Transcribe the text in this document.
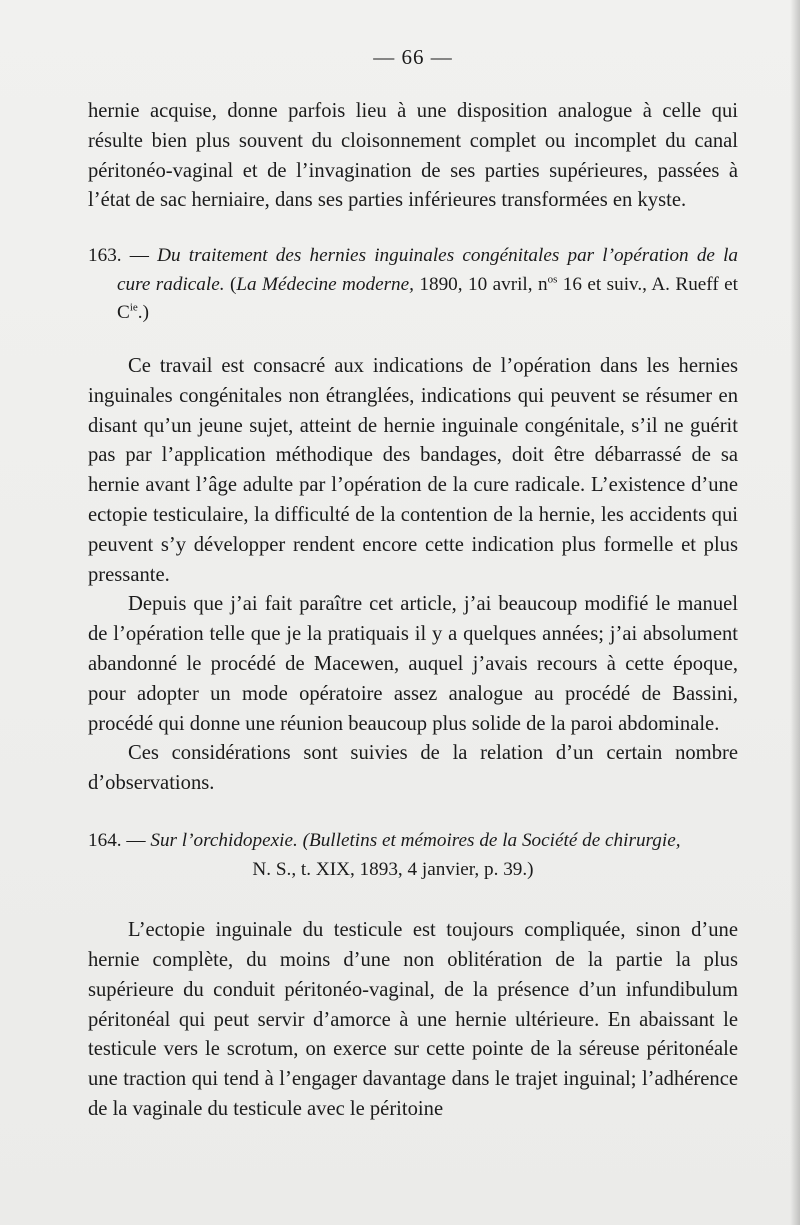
— 66 —

hernie acquise, donne parfois lieu à une disposition analogue à celle qui résulte bien plus souvent du cloisonnement complet ou incomplet du canal péritonéo-vaginal et de l’invagination de ses parties supérieures, passées à l’état de sac herniaire, dans ses parties inférieures transformées en kyste.

163. — Du traitement des hernies inguinales congénitales par l’opération de la cure radicale. (La Médecine moderne, 1890, 10 avril, $n^{os}$ 16 et suiv., A. Rueff et $C^{ie}$.)

Ce travail est consacré aux indications de l’opération dans les hernies inguinales congénitales non étranglées, indications qui peuvent se résumer en disant qu’un jeune sujet, atteint de hernie inguinale congénitale, s’il ne guérit pas par l’application méthodique des bandages, doit être débarrassé de sa hernie avant l’âge adulte par l’opération de la cure radicale. L’existence d’une ectopie testiculaire, la difficulté de la contention de la hernie, les accidents qui peuvent s’y développer rendent encore cette indication plus formelle et plus pressante.

Depuis que j’ai fait paraître cet article, j’ai beaucoup modifié le manuel de l’opération telle que je la pratiquais il y a quelques années; j’ai absolument abandonné le procédé de Macewen, auquel j’avais recours à cette époque, pour adopter un mode opératoire assez analogue au procédé de Bassini, procédé qui donne une réunion beaucoup plus solide de la paroi abdominale.

Ces considérations sont suivies de la relation d’un certain nombre d’observations.

164. — Sur l’orchidopexie. (Bulletins et mémoires de la Société de chirurgie,
N. S., t. XIX, 1893, 4 janvier, p. 39.)

L’ectopie inguinale du testicule est toujours compliquée, sinon d’une hernie complète, du moins d’une non oblitération de la partie la plus supérieure du conduit péritonéo-vaginal, de la présence d’un infundibulum péritonéal qui peut servir d’amorce à une hernie ultérieure. En abaissant le testicule vers le scrotum, on exerce sur cette pointe de la séreuse péritonéale une traction qui tend à l’engager davantage dans le trajet inguinal; l’adhérence de la vaginale du testicule avec le péritoine
